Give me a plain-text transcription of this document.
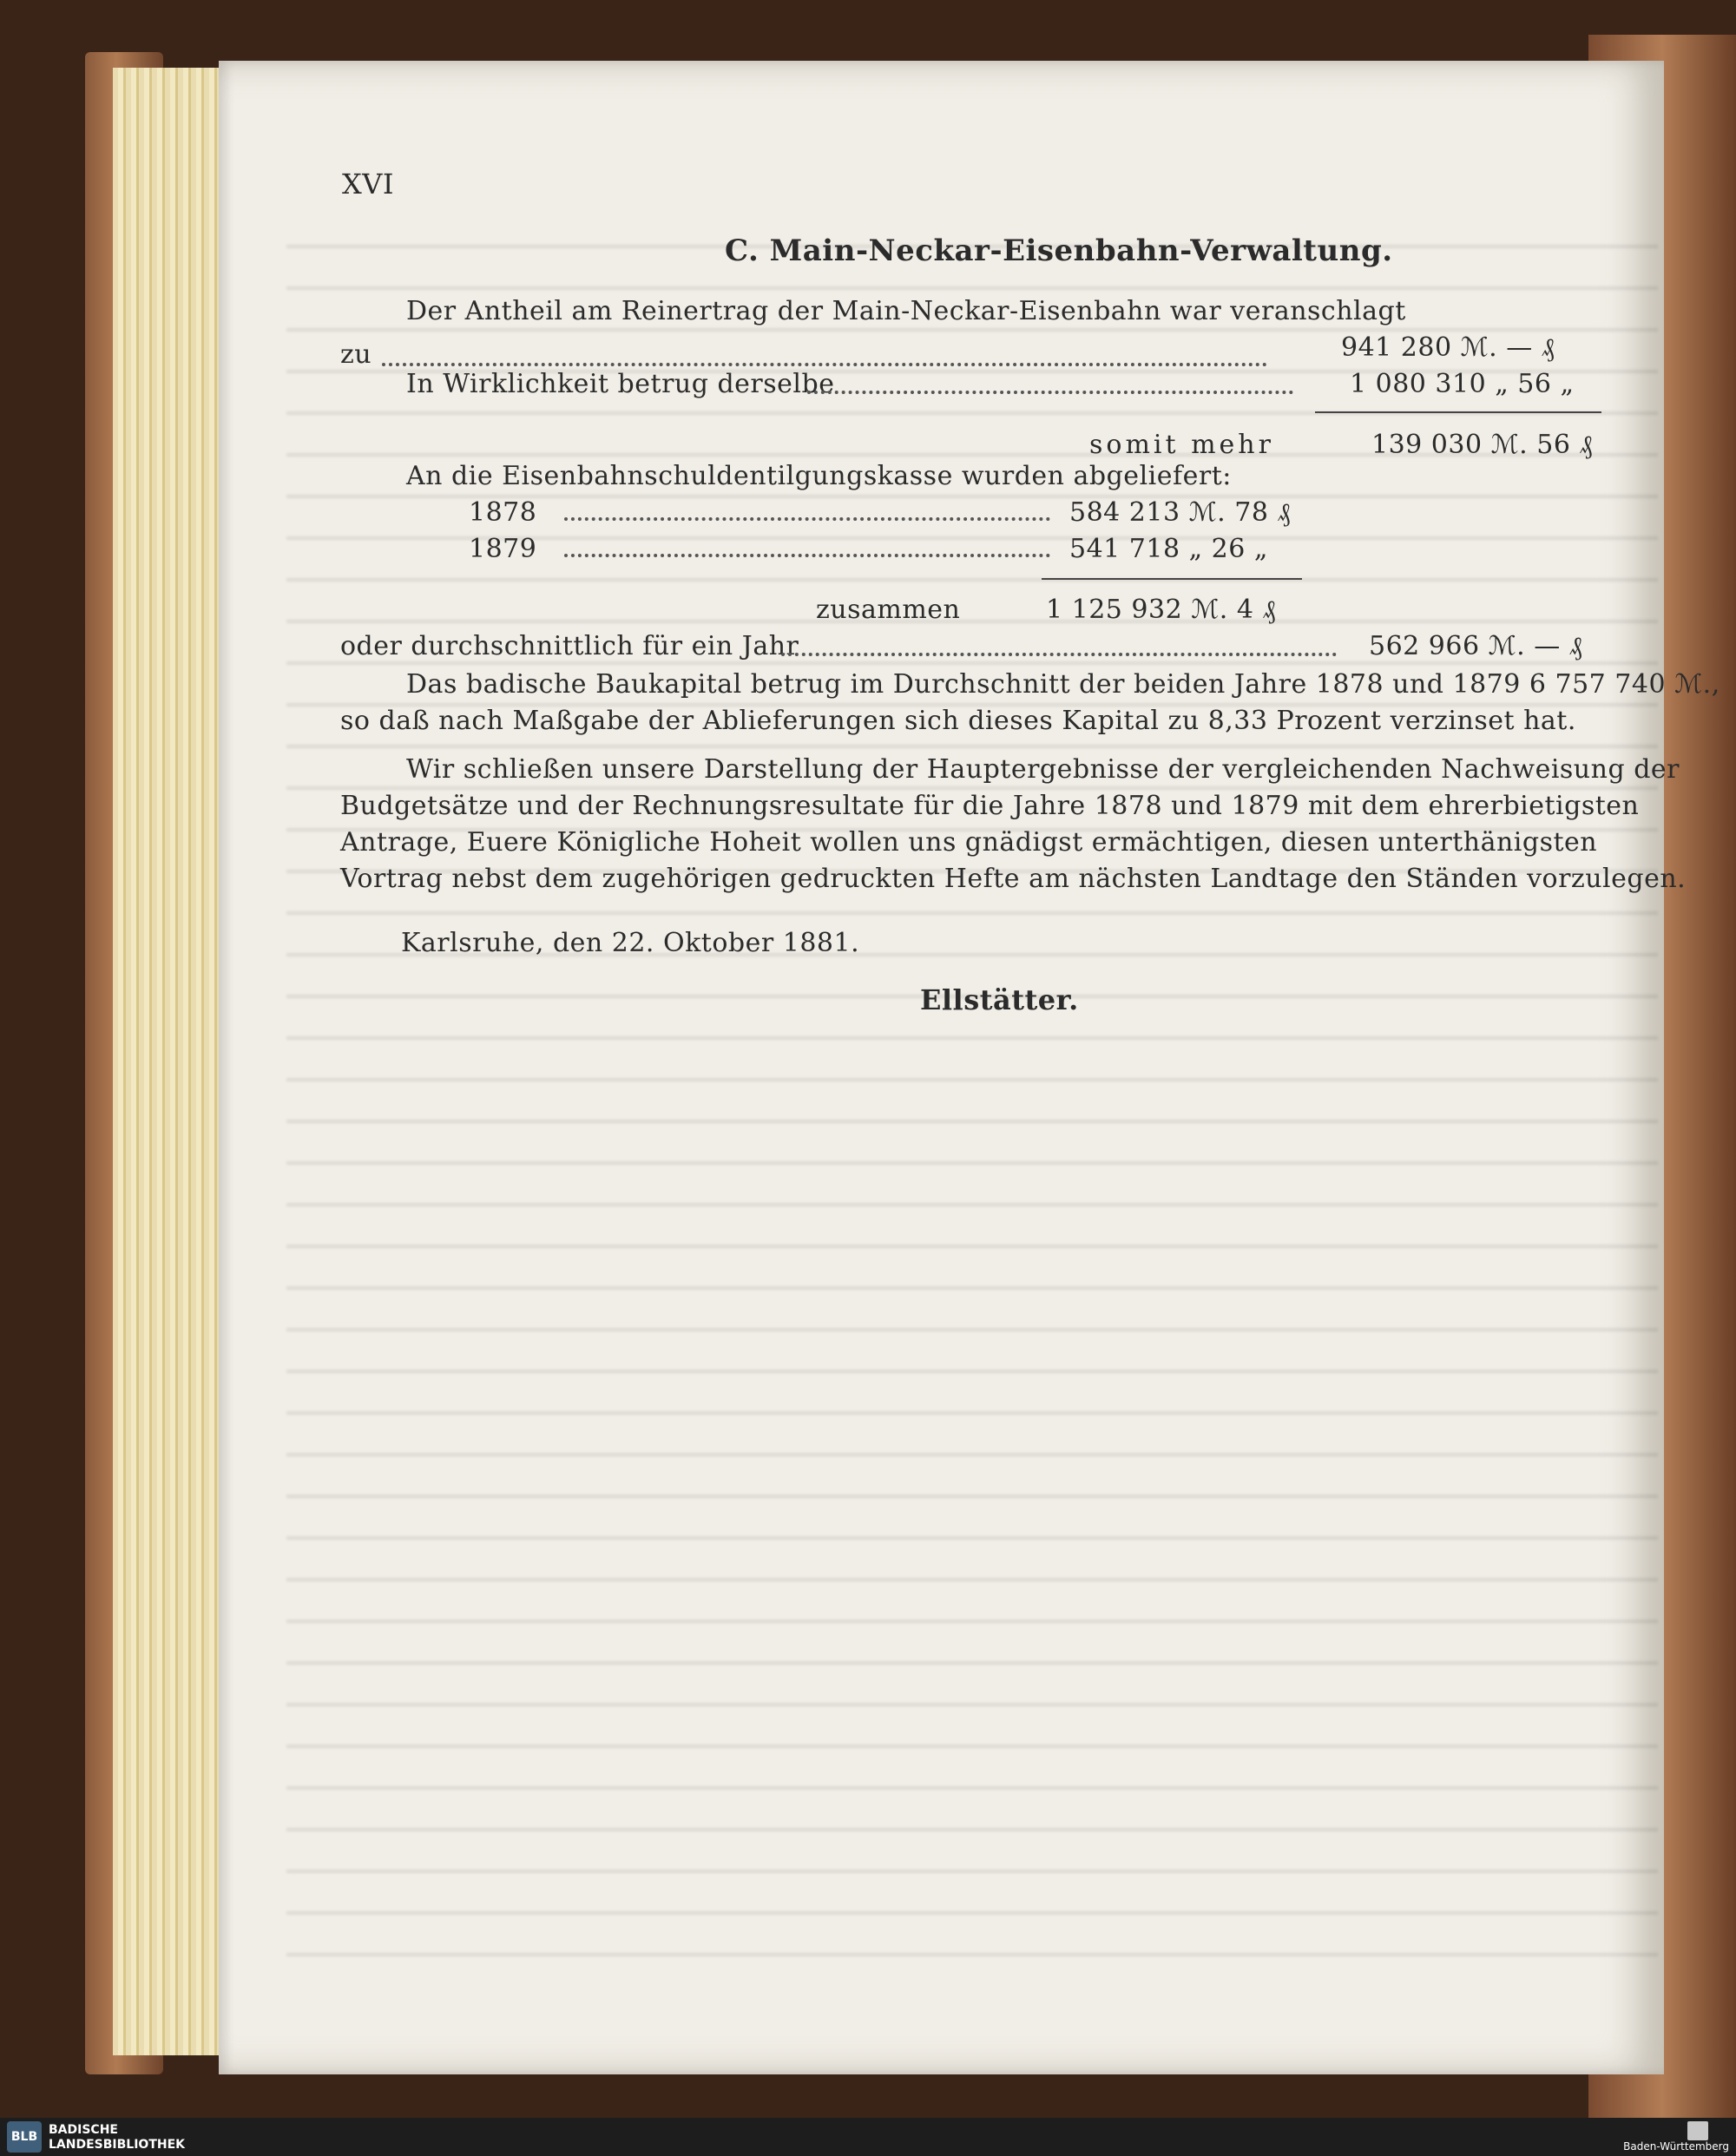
XVI
C. Main-Neckar-Eisenbahn-Verwaltung.
Der Antheil am Reinertrag der Main-Neckar-Eisenbahn war veranschlagt
zu	941 280 ℳ. — ₰
In Wirklichkeit betrug derselbe	1 080 310 „ 56 „
somit mehr	139 030 ℳ. 56 ₰
An die Eisenbahnschuldentilgungskasse wurden abgeliefert:
1878	584 213 ℳ. 78 ₰
1879	541 718 „ 26 „
zusammen	1 125 932 ℳ. 4 ₰
oder durchschnittlich für ein Jahr	562 966 ℳ. — ₰
Das badische Baukapital betrug im Durchschnitt der beiden Jahre 1878 und 1879 6 757 740 ℳ.,
so daß nach Maßgabe der Ablieferungen sich dieses Kapital zu 8,33 Prozent verzinset hat.
Wir schließen unsere Darstellung der Hauptergebnisse der vergleichenden Nachweisung der
Budgetsätze und der Rechnungsresultate für die Jahre 1878 und 1879 mit dem ehrerbietigsten
Antrage, Euere Königliche Hoheit wollen uns gnädigst ermächtigen, diesen unterthänigsten
Vortrag nebst dem zugehörigen gedruckten Hefte am nächsten Landtage den Ständen vorzulegen.
Karlsruhe, den 22. Oktober 1881.
Ellstätter.
BLB BADISCHE
LANDESBIBLIOTHEK	Baden-Württemberg
